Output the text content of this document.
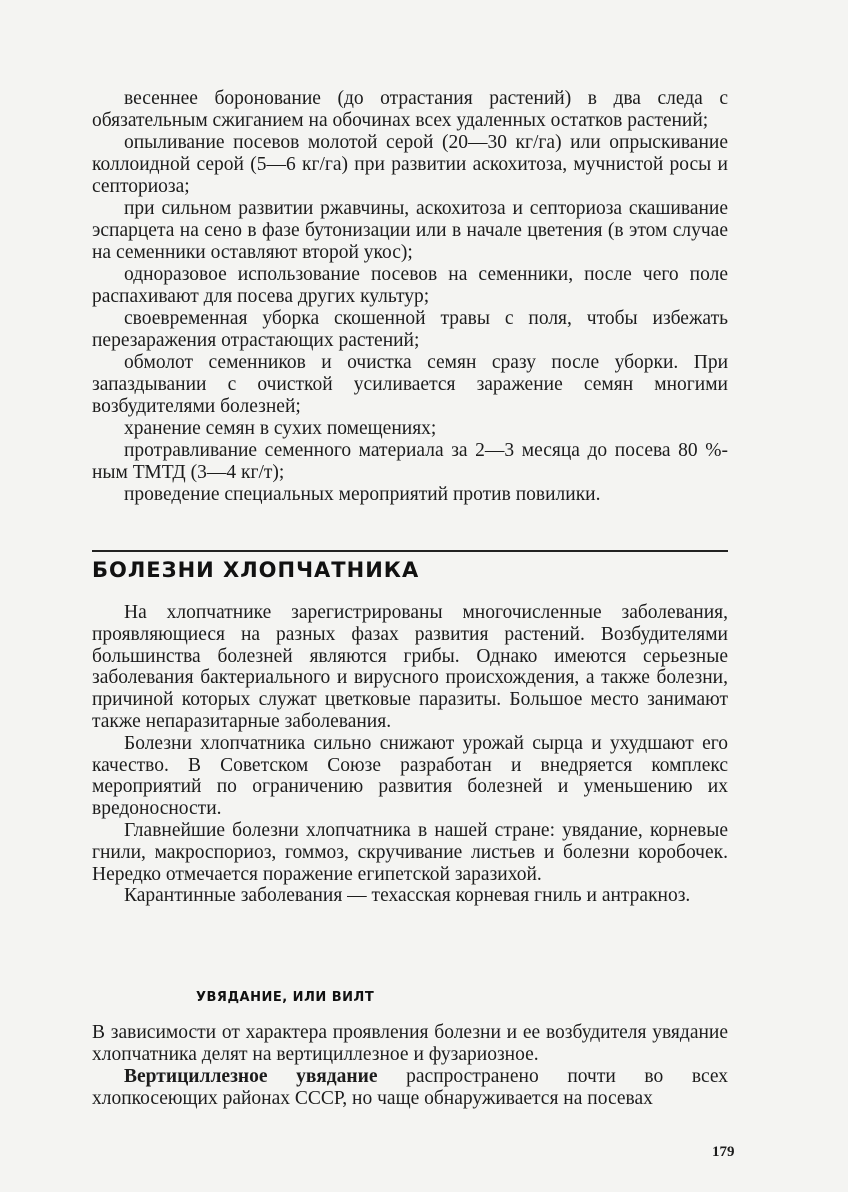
весеннее боронование (до отрастания растений) в два следа с обязательным сжиганием на обочинах всех удаленных остатков растений;

опыливание посевов молотой серой (20—30 кг/га) или опрыскивание коллоидной серой (5—6 кг/га) при развитии аскохитоза, мучнистой росы и септориоза;

при сильном развитии ржавчины, аскохитоза и септориоза скашивание эспарцета на сено в фазе бутонизации или в начале цветения (в этом случае на семенники оставляют второй укос);

одноразовое использование посевов на семенники, после чего поле распахивают для посева других культур;

своевременная уборка скошенной травы с поля, чтобы избежать перезаражения отрастающих растений;

обмолот семенников и очистка семян сразу после уборки. При запаздывании с очисткой усиливается заражение семян многими возбудителями болезней;

хранение семян в сухих помещениях;

протравливание семенного материала за 2—3 месяца до посева 80 %-ным ТМТД (3—4 кг/т);

проведение специальных мероприятий против повилики.

БОЛЕЗНИ ХЛОПЧАТНИКА

На хлопчатнике зарегистрированы многочисленные заболевания, проявляющиеся на разных фазах развития растений. Возбудителями большинства болезней являются грибы. Однако имеются серьезные заболевания бактериального и вирусного происхождения, а также болезни, причиной которых служат цветковые паразиты. Большое место занимают также непаразитарные заболевания.

Болезни хлопчатника сильно снижают урожай сырца и ухудшают его качество. В Советском Союзе разработан и внедряется комплекс мероприятий по ограничению развития болезней и уменьшению их вредоносности.

Главнейшие болезни хлопчатника в нашей стране: увядание, корневые гнили, макроспориоз, гоммоз, скручивание листьев и болезни коробочек. Нередко отмечается поражение египетской заразихой.

Карантинные заболевания — техасская корневая гниль и антракноз.

УВЯДАНИЕ, ИЛИ ВИЛТ

В зависимости от характера проявления болезни и ее возбудителя увядание хлопчатника делят на вертициллезное и фузариозное.

Вертициллезное увядание распространено почти во всех хлопкосеющих районах СССР, но чаще обнаруживается на посевах

179
